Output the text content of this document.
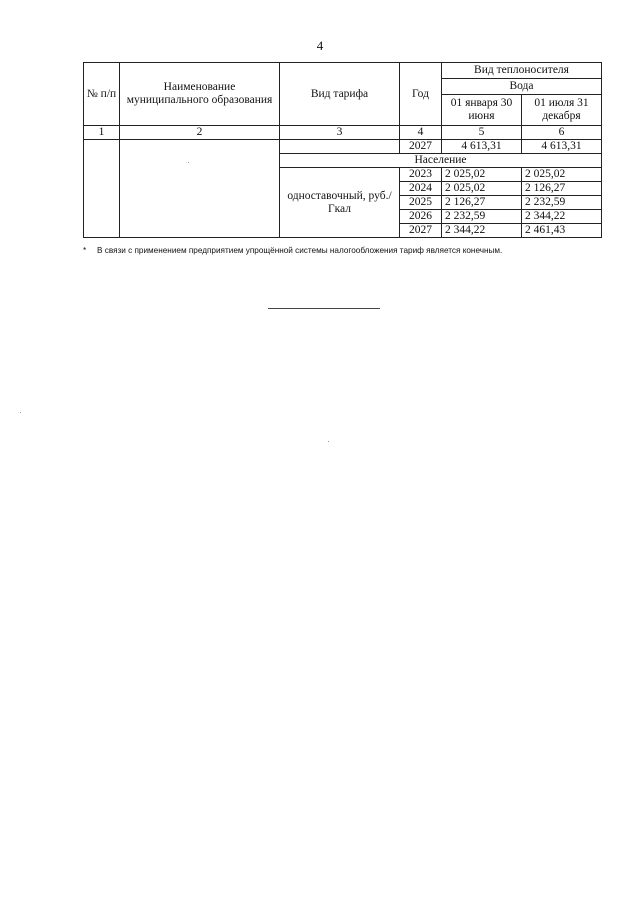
4
№ п/п	Наименование муниципального образования	Вид тарифа	Год	Вид теплоносителя	
				Вода	
				01 января 30 июня	01 июля 31 декабря
1	2	3	4	5	6
			2027	4 613,31	4 613,31
		Население			
		одноставочный, руб./Гкал	2023	2 025,02	2 025,02
			2024	2 025,02	2 126,27
			2025	2 126,27	2 232,59
			2026	2 232,59	2 344,22
			2027	2 344,22	2 461,43
* В связи с применением предприятием упрощённой системы налогообложения тариф является конечным.
